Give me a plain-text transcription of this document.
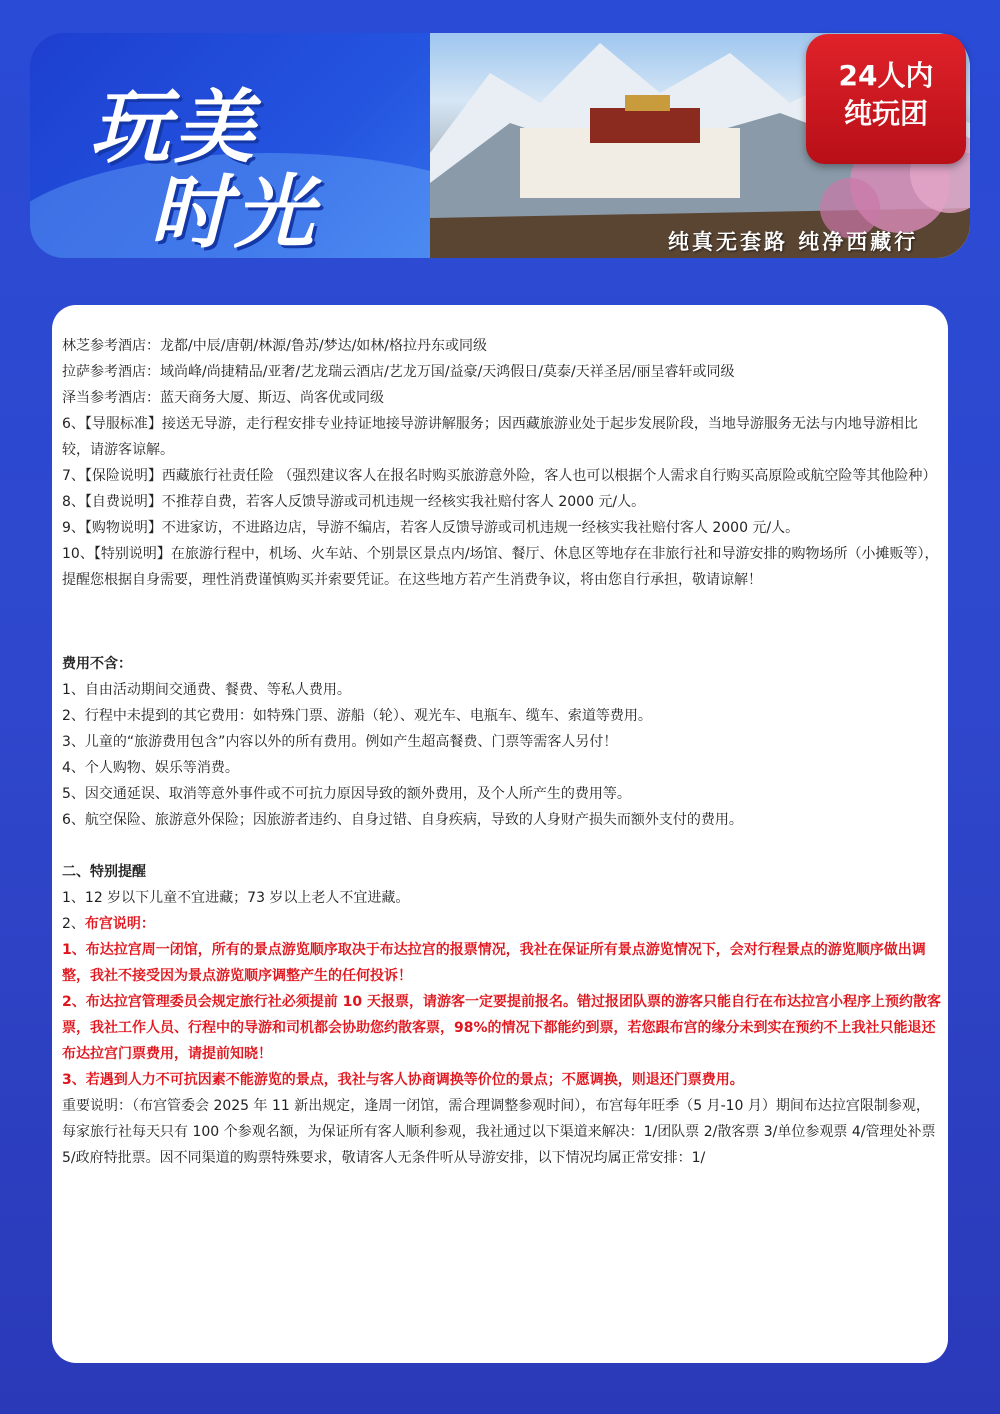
玩美
时光
24人内
纯玩团
纯真无套路 纯净西藏行

林芝参考酒店：龙都/中辰/唐朝/林源/鲁苏/梦达/如林/格拉丹东或同级

拉萨参考酒店：域尚峰/尚捷精品/亚奢/艺龙瑞云酒店/艺龙万国/益豪/天鸿假日/莫泰/天祥圣居/丽呈睿轩或同级

泽当参考酒店：蓝天商务大厦、斯迈、尚客优或同级

6、【导服标准】接送无导游，走行程安排专业持证地接导游讲解服务；因西藏旅游业处于起步发展阶段，当地导游服务无法与内地导游相比较，请游客谅解。

7、【保险说明】西藏旅行社责任险 （强烈建议客人在报名时购买旅游意外险，客人也可以根据个人需求自行购买高原险或航空险等其他险种）

8、【自费说明】不推荐自费，若客人反馈导游或司机违规一经核实我社赔付客人 2000 元/人。

9、【购物说明】不进家访，不进路边店，导游不编店，若客人反馈导游或司机违规一经核实我社赔付客人 2000 元/人。

10、【特别说明】在旅游行程中，机场、火车站、个别景区景点内/场馆、餐厅、休息区等地存在非旅行社和导游安排的购物场所（小摊贩等），提醒您根据自身需要，理性消费谨慎购买并索要凭证。在这些地方若产生消费争议，将由您自行承担，敬请谅解！

费用不含：

1、自由活动期间交通费、餐费、等私人费用。

2、行程中未提到的其它费用：如特殊门票、游船（轮）、观光车、电瓶车、缆车、索道等费用。

3、儿童的“旅游费用包含”内容以外的所有费用。例如产生超高餐费、门票等需客人另付！

4、个人购物、娱乐等消费。

5、因交通延误、取消等意外事件或不可抗力原因导致的额外费用，及个人所产生的费用等。

6、航空保险、旅游意外保险；因旅游者违约、自身过错、自身疾病，导致的人身财产损失而额外支付的费用。

二、特别提醒

1、12 岁以下儿童不宜进藏；73 岁以上老人不宜进藏。

2、布宫说明：

1、布达拉宫周一闭馆，所有的景点游览顺序取决于布达拉宫的报票情况，我社在保证所有景点游览情况下，会对行程景点的游览顺序做出调整，我社不接受因为景点游览顺序调整产生的任何投诉！

2、布达拉宫管理委员会规定旅行社必须提前 10 天报票，请游客一定要提前报名。错过报团队票的游客只能自行在布达拉宫小程序上预约散客票，我社工作人员、行程中的导游和司机都会协助您约散客票，98%的情况下都能约到票，若您跟布宫的缘分未到实在预约不上我社只能退还布达拉宫门票费用，请提前知晓！

3、若遇到人力不可抗因素不能游览的景点，我社与客人协商调换等价位的景点；不愿调换，则退还门票费用。

重要说明：（布宫管委会 2025 年 11 新出规定，逢周一闭馆，需合理调整参观时间），布宫每年旺季（5 月-10 月）期间布达拉宫限制参观，每家旅行社每天只有 100 个参观名额，为保证所有客人顺利参观，我社通过以下渠道来解决：1/团队票 2/散客票 3/单位参观票 4/管理处补票 5/政府特批票。因不同渠道的购票特殊要求，敬请客人无条件听从导游安排，以下情况均属正常安排：1/
